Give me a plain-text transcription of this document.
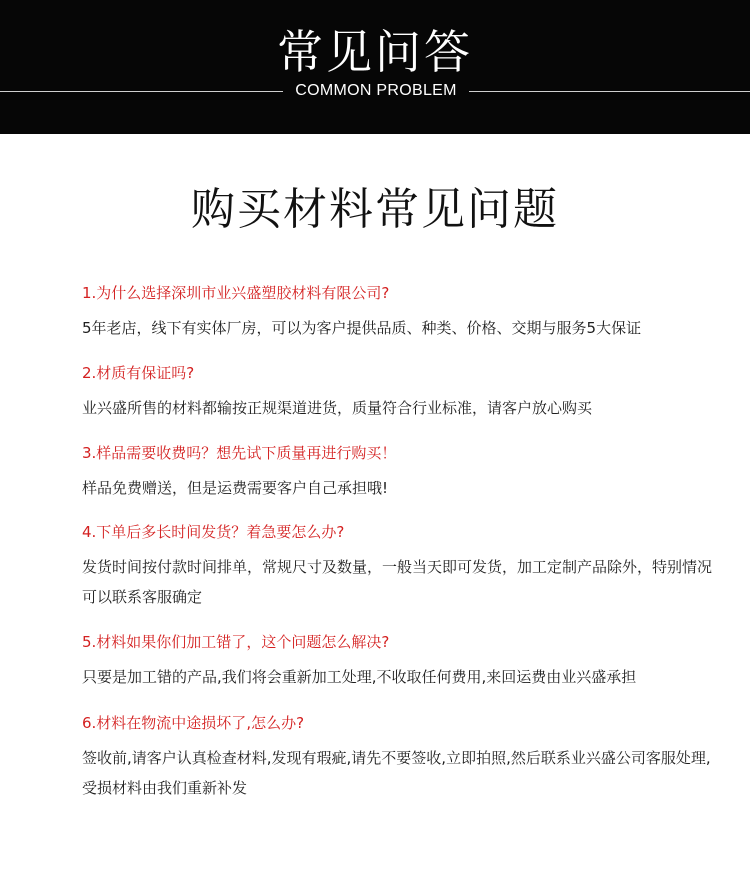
常见问答
COMMON PROBLEM
购买材料常见问题
1.为什么选择深圳市业兴盛塑胶材料有限公司?
5年老店，线下有实体厂房，可以为客户提供品质、种类、价格、交期与服务5大保证
2.材质有保证吗?
业兴盛所售的材料都输按正规渠道进货，质量符合行业标准，请客户放心购买
3.样品需要收费吗？想先试下质量再进行购买！
样品免费赠送，但是运费需要客户自己承担哦!
4.下单后多长时间发货？着急要怎么办?
发货时间按付款时间排单，常规尺寸及数量，一般当天即可发货，加工定制产品除外，特别情况可以联系客服确定
5.材料如果你们加工错了，这个问题怎么解决?
只要是加工错的产品,我们将会重新加工处理,不收取任何费用,来回运费由业兴盛承担
6.材料在物流中途损坏了,怎么办?
签收前,请客户认真检查材料,发现有瑕疵,请先不要签收,立即拍照,然后联系业兴盛公司客服处理,受损材料由我们重新补发
